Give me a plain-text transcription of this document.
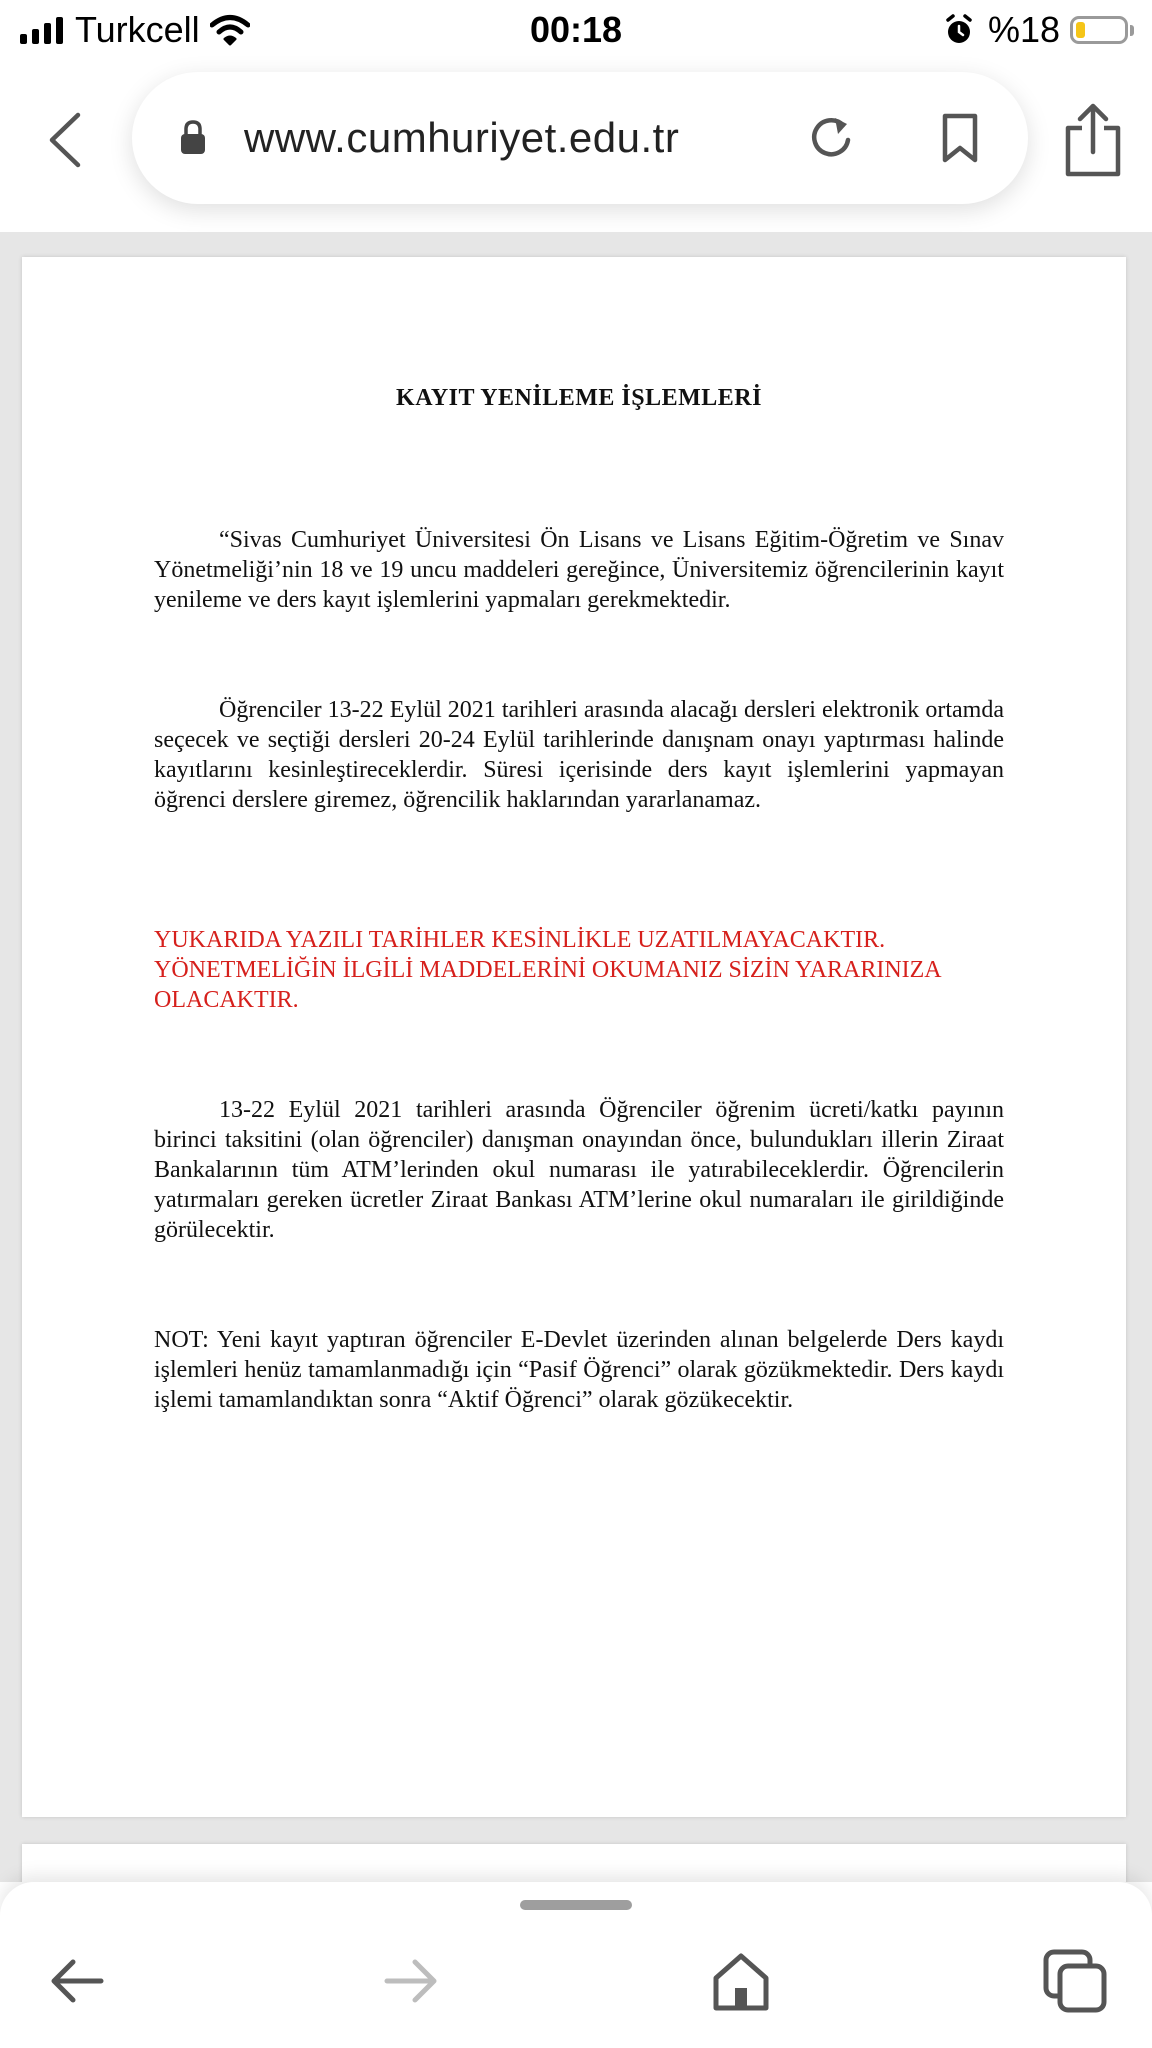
Turkcell	00:18	%18
www.cumhuriyet.edu.tr
KAYIT YENİLEME İŞLEMLERİ

“Sivas Cumhuriyet Üniversitesi Ön Lisans ve Lisans Eğitim-Öğretim ve Sınav Yönetmeliği’nin 18 ve 19 uncu maddeleri gereğince, Üniversitemiz öğrencilerinin kayıt yenileme ve ders kayıt işlemlerini yapmaları gerekmektedir.

Öğrenciler 13-22 Eylül 2021 tarihleri arasında alacağı dersleri elektronik ortamda seçecek ve seçtiği dersleri 20-24 Eylül tarihlerinde danışnam onayı yaptırması halinde kayıtlarını kesinleştireceklerdir. Süresi içerisinde ders kayıt işlemlerini yapmayan öğrenci derslere giremez, öğrencilik haklarından yararlanamaz.

YUKARIDA YAZILI TARİHLER KESİNLİKLE UZATILMAYACAKTIR. YÖNETMELİĞİN İLGİLİ MADDELERİNİ OKUMANIZ SİZİN YARARINIZA OLACAKTIR.

13-22 Eylül 2021 tarihleri arasında Öğrenciler öğrenim ücreti/katkı payının birinci taksitini (olan öğrenciler) danışman onayından önce, bulundukları illerin Ziraat Bankalarının tüm ATM’lerinden okul numarası ile yatırabileceklerdir. Öğrencilerin yatırmaları gereken ücretler Ziraat Bankası ATM’lerine okul numaraları ile girildiğinde görülecektir.

NOT: Yeni kayıt yaptıran öğrenciler E-Devlet üzerinden alınan belgelerde Ders kaydı işlemleri henüz tamamlanmadığı için “Pasif Öğrenci” olarak gözükmektedir. Ders kaydı işlemi tamamlandıktan sonra “Aktif Öğrenci” olarak gözükecektir.
